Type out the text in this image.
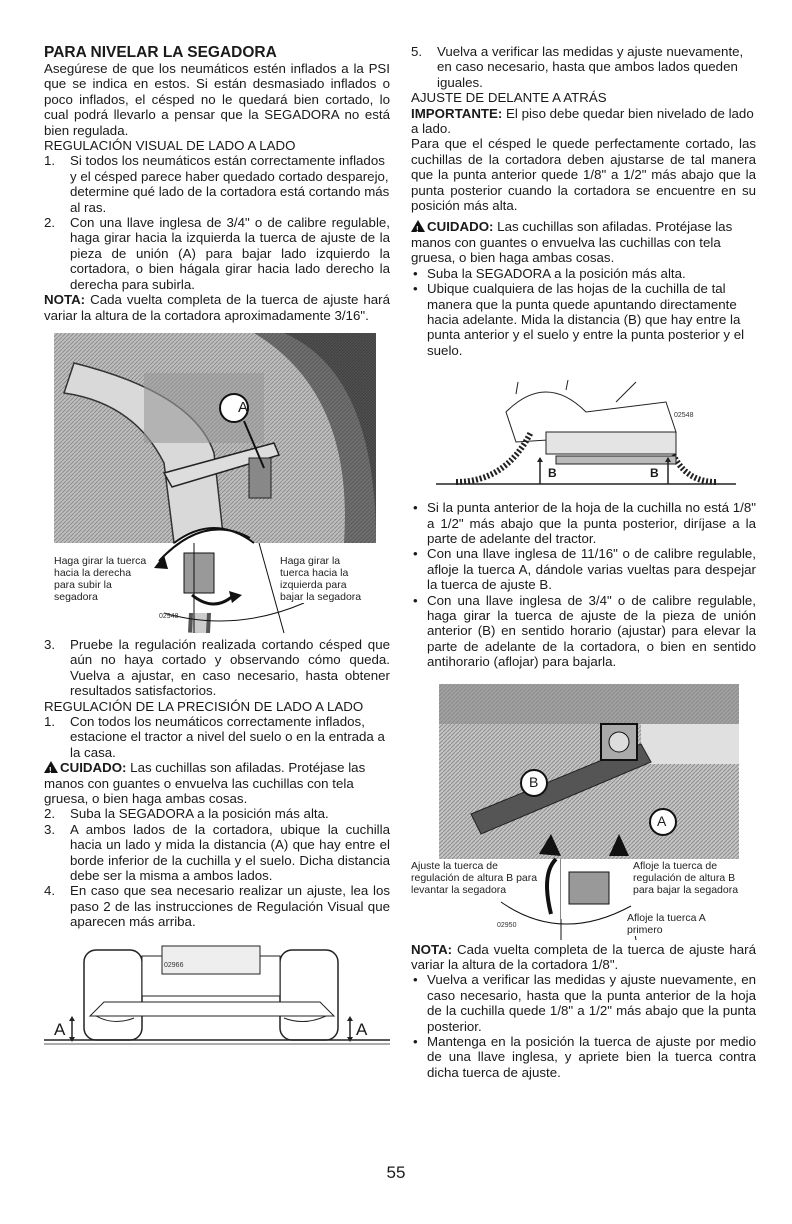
PARA NIVELAR LA SEGADORA

Asegúrese de que los neumáticos estén inflados a la PSI que se indica en estos. Si están desmasiado inflados o poco inflados, el césped no le quedará bien cortado, lo cual podrá llevarlo a pensar que la SEGADORA no está bien regulada.

REGULACIÓN VISUAL DE LADO A LADO

1. Si todos los neumáticos están correctamente inflados y el césped parece haber quedado cortado desparejo, determine qué lado de la cortadora está cortando más al ras.
2. Con una llave inglesa de 3/4" o de calibre regulable, haga girar hacia la izquierda la tuerca de ajuste de la pieza de unión (A) para bajar lado izquierdo la cortadora, o bien hágala girar hacia lado derecho la derecha para subirla.

NOTA: Cada vuelta completa de la tuerca de ajuste hará variar la altura de la cortadora aproximadamente 3/16".

A
Haga girar la tuerca hacia la derecha para subir la segadora
Haga girar la tuerca hacia la izquierda para bajar la segadora
02948
3. Pruebe la regulación realizada cortando césped que aún no haya cortado y observando cómo queda. Vuelva a ajustar, en caso necesario, hasta obtener resultados satisfactorios.

REGULACIÓN DE LA PRECISIÓN DE LADO A LADO

1. Con todos los neumáticos correctamente inflados, estacione el tractor a nivel del suelo o en la entrada a la casa.

!CUIDADO: Las cuchillas son afiladas. Protéjase las manos con guantes o envuelva las cuchillas con tela gruesa, o bien haga ambas cosas.

2. Suba la SEGADORA a la posición más alta.
3. A ambos lados de la cortadora, ubique la cuchilla hacia un lado y mida la distancia (A) que hay entre el borde inferior de la cuchilla y el suelo. Dicha distancia debe ser la misma a ambos lados.
4. En caso que sea necesario realizar un ajuste, lea los paso 2 de las instrucciones de Regulación Visual que aparecen más arriba.
A	A
02966
5. Vuelva a verificar las medidas y ajuste nuevamente, en caso necesario, hasta que ambos lados queden iguales.

AJUSTE DE DELANTE A ATRÁS

IMPORTANTE: El piso debe quedar bien nivelado de lado a lado.

Para que el césped le quede perfectamente cortado, las cuchillas de la cortadora deben ajustarse de tal manera que la punta anterior quede 1/8" a 1/2" más abajo que la punta posterior cuando la cortadora se encuentre en su posición más alta.

!CUIDADO: Las cuchillas son afiladas. Protéjase las manos con guantes o envuelva las cuchillas con tela gruesa, o bien haga ambas cosas.

• Suba la SEGADORA a la posición más alta.
• Ubique cualquiera de las hojas de la cuchilla de tal manera que la punta quede apuntando directamente hacia adelante. Mida la distancia (B) que hay entre la punta anterior y el suelo y entre la punta posterior y el suelo.
B	B
02548
• Si la punta anterior de la hoja de la cuchilla no está 1/8" a 1/2" más abajo que la punta posterior, diríjase a la parte de adelante del tractor.
• Con una llave inglesa de 11/16" o de calibre regulable, afloje la tuerca A, dándole varias vueltas para despejar la tuerca de ajuste B.
• Con una llave inglesa de 3/4" o de calibre regulable, haga girar la tuerca de ajuste de la pieza de unión anterior (B) en sentido horario (ajustar) para elevar la parte de adelante de la cortadora, o bien en sentido antihorario (aflojar) para bajarla.
B
A
Ajuste la tuerca de regulación de altura B para levantar la segadora
Afloje la tuerca de regulación de altura B para bajar la segadora
Afloje la tuerca A primero
02950

NOTA: Cada vuelta completa de la tuerca de ajuste hará variar la altura de la cortadora 1/8".

• Vuelva a verificar las medidas y ajuste nuevamente, en caso necesario, hasta que la punta anterior de la hoja de la cuchilla quede 1/8" a 1/2" más abajo que la punta posterior.
• Mantenga en la posición la tuerca de ajuste por medio de una llave inglesa, y apriete bien la tuerca contra dicha tuerca de ajuste.
55
